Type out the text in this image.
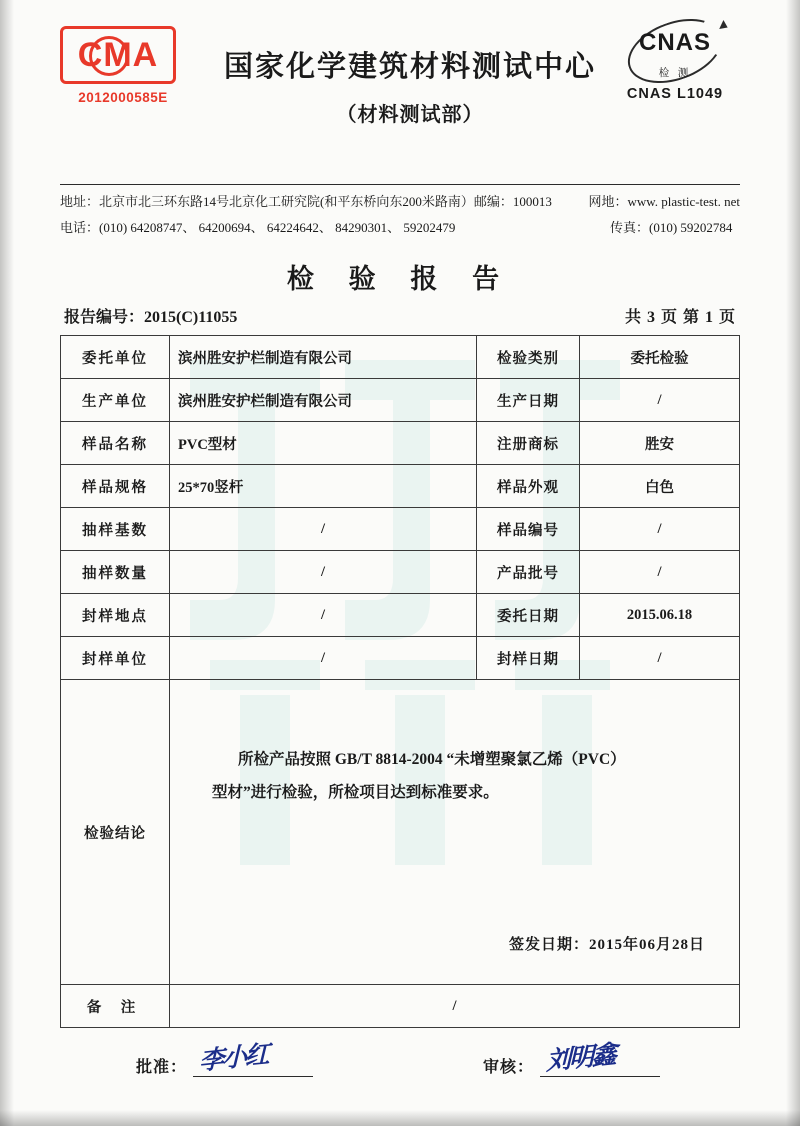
CMA
2012000585E
国家化学建筑材料测试中心
（材料测试部）
CNAS
检 测
CNAS L1049
地址：北京市北三环东路14号北京化工研究院(和平东桥向东200米路南） 邮编：100013	网地：www. plastic-test. net
电话：(010) 64208747、 64200694、 64224642、 84290301、 59202479	传真：(010) 59202784
检 验 报 告
报告编号：2015(C)11055	共 3 页 第 1 页
委托单位	滨州胜安护栏制造有限公司	检验类别	委托检验
生产单位	滨州胜安护栏制造有限公司	生产日期	/
样品名称	PVC型材	注册商标	胜安
样品规格	25*70竖杆	样品外观	白色
抽样基数	/	样品编号	/
抽样数量	/	产品批号	/
封样地点	/	委托日期	2015.06.18
封样单位	/	封样日期	/
检验结论	所检产品按照 GB/T 8814-2004 “未增塑聚氯乙烯（PVC）
型材”进行检验，所检项目达到标准要求。
签发日期：2015年06月28日		

备 注	/		
批准： 李小红	审核： 刘明鑫
